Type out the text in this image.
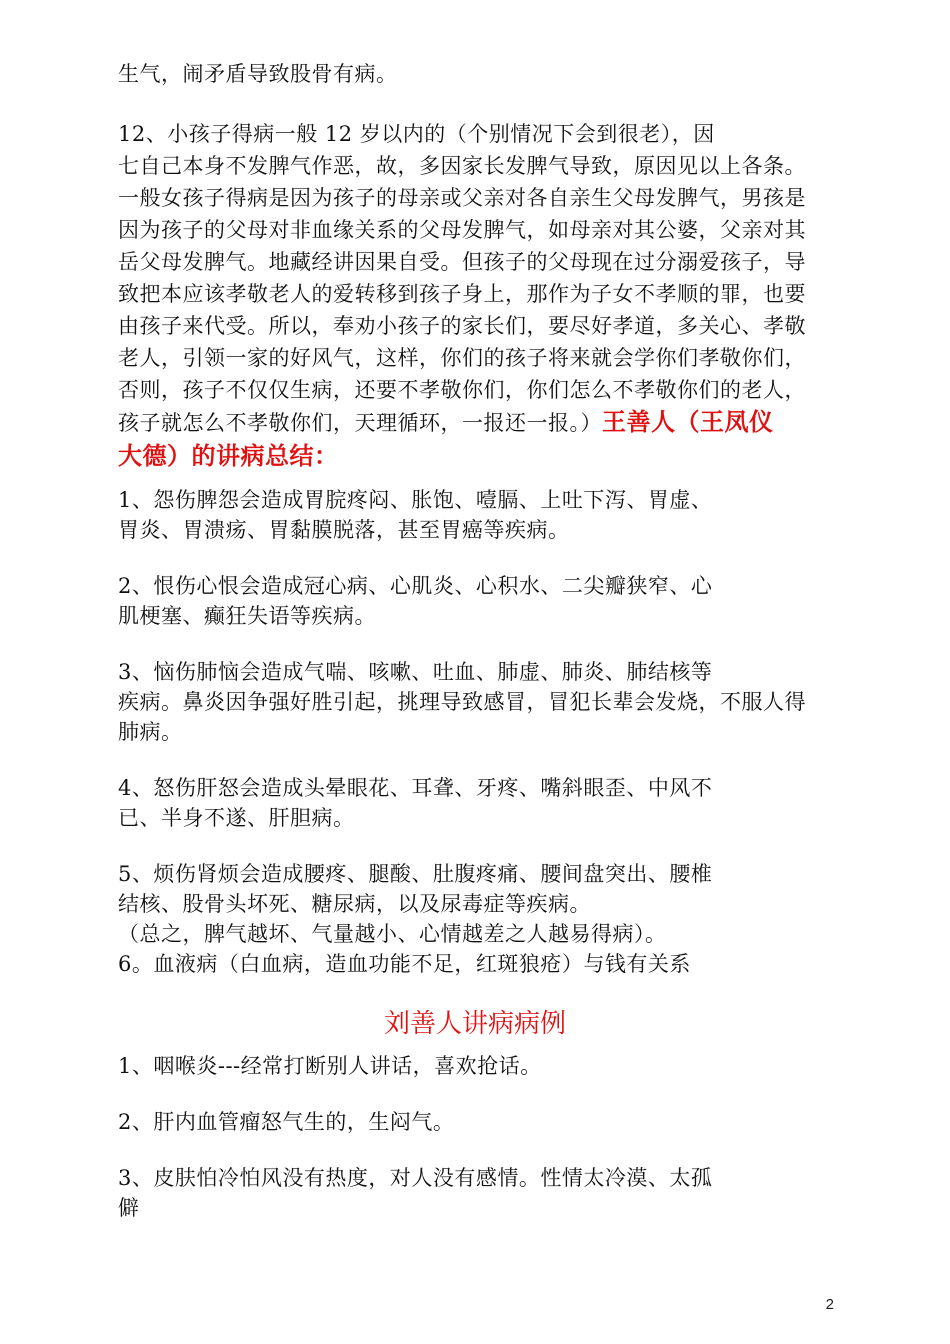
生气，闹矛盾导致股骨有病。
12、小孩子得病一般 12 岁以内的（个别情况下会到很老），因
七自己本身不发脾气作恶，故，多因家长发脾气导致，原因见以上各条。
一般女孩子得病是因为孩子的母亲或父亲对各自亲生父母发脾气，男孩是
因为孩子的父母对非血缘关系的父母发脾气，如母亲对其公婆，父亲对其
岳父母发脾气。地藏经讲因果自受。但孩子的父母现在过分溺爱孩子，导
致把本应该孝敬老人的爱转移到孩子身上，那作为子女不孝顺的罪，也要
由孩子来代受。所以，奉劝小孩子的家长们，要尽好孝道，多关心、孝敬
老人，引领一家的好风气，这样，你们的孩子将来就会学你们孝敬你们，
否则，孩子不仅仅生病，还要不孝敬你们，你们怎么不孝敬你们的老人，
孩子就怎么不孝敬你们，天理循环，一报还一报。）王善人（王凤仪
大德）的讲病总结：
1、怨伤脾怨会造成胃脘疼闷、胀饱、噎膈、上吐下泻、胃虚、
胃炎、胃溃疡、胃黏膜脱落，甚至胃癌等疾病。
2、恨伤心恨会造成冠心病、心肌炎、心积水、二尖瓣狭窄、心
肌梗塞、癫狂失语等疾病。
3、恼伤肺恼会造成气喘、咳嗽、吐血、肺虚、肺炎、肺结核等
疾病。鼻炎因争强好胜引起，挑理导致感冒，冒犯长辈会发烧，不服人得
肺病。
4、怒伤肝怒会造成头晕眼花、耳聋、牙疼、嘴斜眼歪、中风不
已、半身不遂、肝胆病。
5、烦伤肾烦会造成腰疼、腿酸、肚腹疼痛、腰间盘突出、腰椎
结核、股骨头坏死、糖尿病，以及尿毒症等疾病。
（总之，脾气越坏、气量越小、心情越差之人越易得病）。
6。血液病（白血病，造血功能不足，红斑狼疮）与钱有关系
刘善人讲病病例
1、咽喉炎---经常打断别人讲话，喜欢抢话。
2、肝内血管瘤怒气生的，生闷气。
3、皮肤怕冷怕风没有热度，对人没有感情。性情太冷漠、太孤
僻
2
